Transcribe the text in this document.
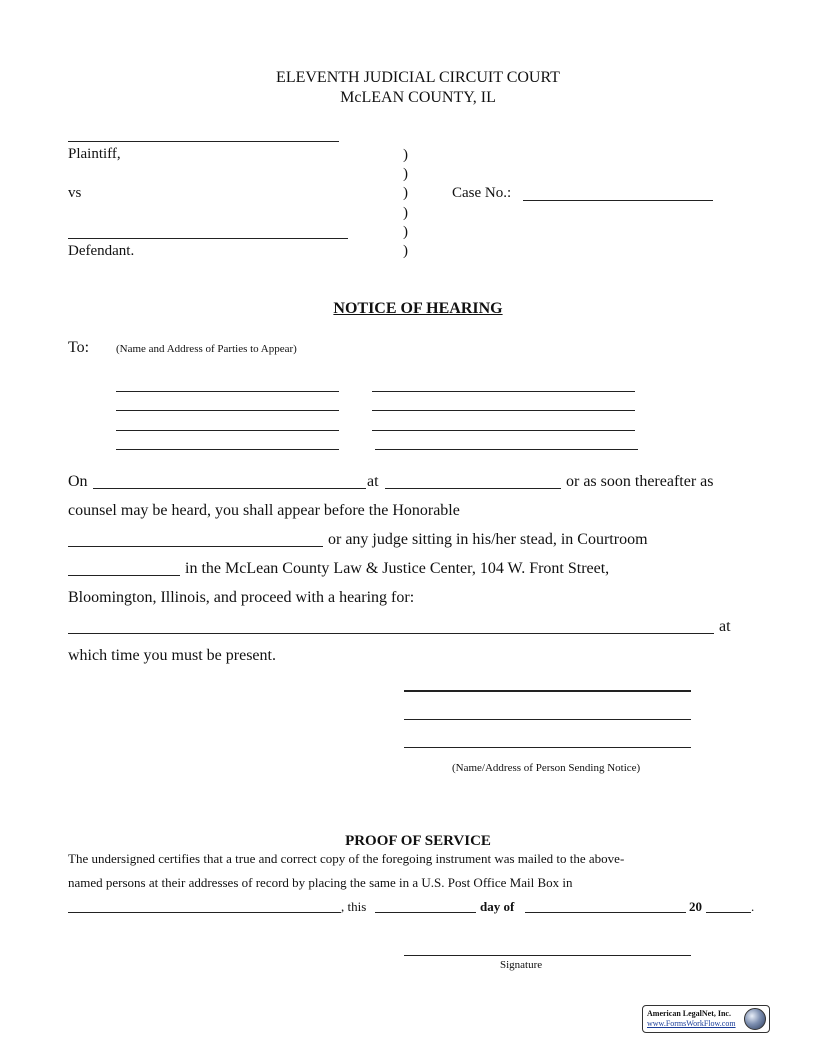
ELEVENTH JUDICIAL CIRCUIT COURT
McLEAN COUNTY, IL
Plaintiff,
vs
Defendant.
)
)
)
)
)
)
Case No.:
NOTICE OF HEARING
To: (Name and Address of Parties to Appear)
On	at	or as soon thereafter as
counsel may be heard, you shall appear before the Honorable
or any judge sitting in his/her stead, in Courtroom
in the McLean County Law & Justice Center, 104 W. Front Street,
Bloomington, Illinois, and proceed with a hearing for:
at
which time you must be present.
(Name/Address of Person Sending Notice)
PROOF OF SERVICE
The undersigned certifies that a true and correct copy of the foregoing instrument was mailed to the above-
named persons at their addresses of record by placing the same in a U.S. Post Office Mail Box in
, this	day of	20	.
Signature
American LegalNet, Inc.
www.FormsWorkFlow.com
